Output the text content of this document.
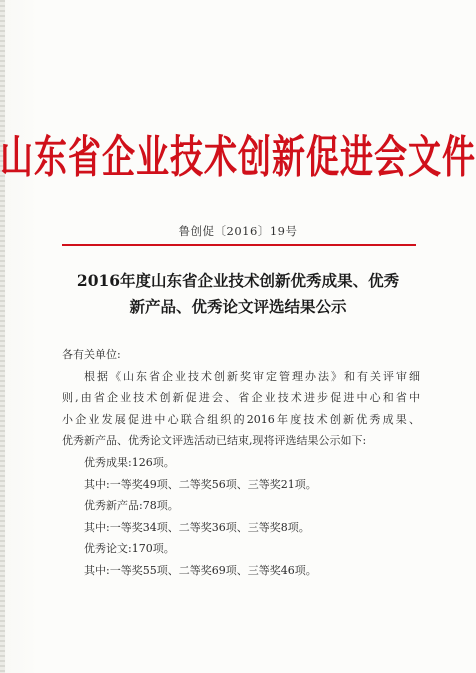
山东省企业技术创新促进会文件
鲁创促〔2016〕19号
2016年度山东省企业技术创新优秀成果、优秀
新产品、优秀论文评选结果公示
各有关单位:
根据《山东省企业技术创新奖审定管理办法》和有关评审细
则,由省企业技术创新促进会、省企业技术进步促进中心和省中
小企业发展促进中心联合组织的2016年度技术创新优秀成果、
优秀新产品、优秀论文评选活动已结束,现将评选结果公示如下:
优秀成果:126项。
其中:一等奖49项、二等奖56项、三等奖21项。
优秀新产品:78项。
其中:一等奖34项、二等奖36项、三等奖8项。
优秀论文:170项。
其中:一等奖55项、二等奖69项、三等奖46项。
